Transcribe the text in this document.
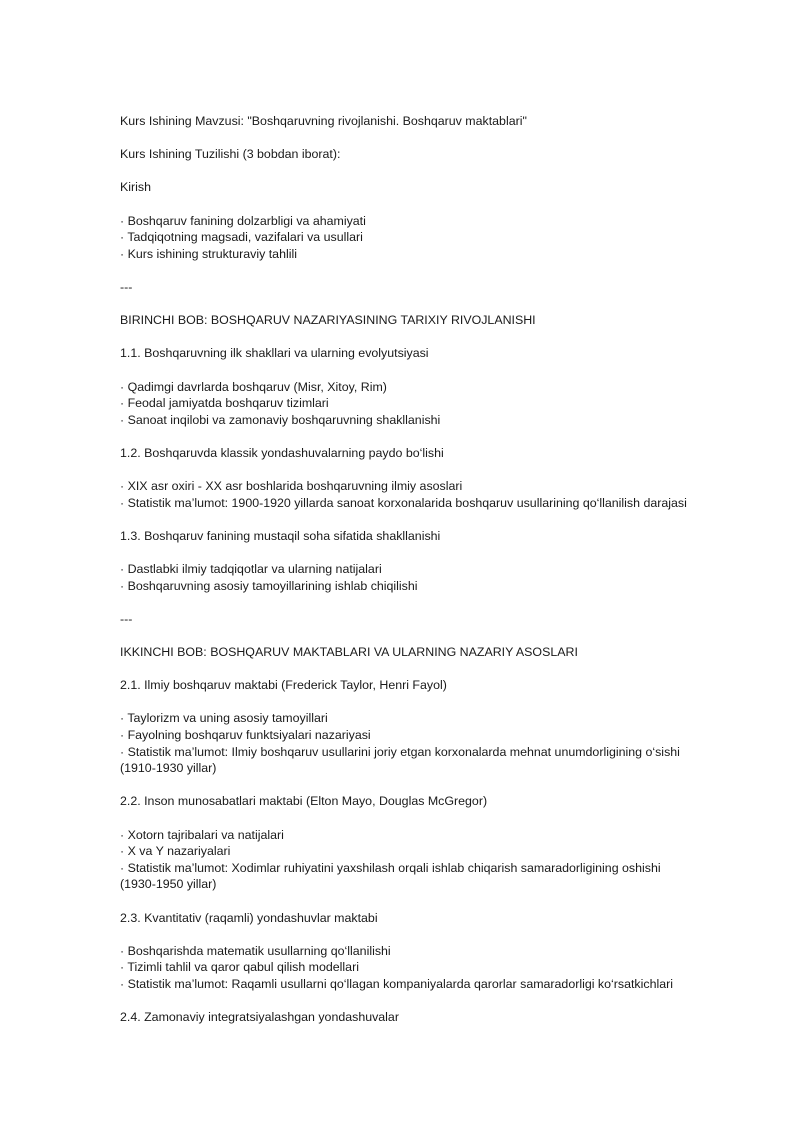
Kurs Ishining Mavzusi: "Boshqaruvning rivojlanishi. Boshqaruv maktablari"

Kurs Ishining Tuzilishi (3 bobdan iborat):

Kirish

· Boshqaruv fanining dolzarbligi va ahamiyati
· Tadqiqotning magsadi, vazifalari va usullari
· Kurs ishining strukturaviy tahlili

---

BIRINCHI BOB: BOSHQARUV NAZARIYASINING TARIXIY RIVOJLANISHI

1.1. Boshqaruvning ilk shakllari va ularning evolyutsiyasi

· Qadimgi davrlarda boshqaruv (Misr, Xitoy, Rim)
· Feodal jamiyatda boshqaruv tizimlari
· Sanoat inqilobi va zamonaviy boshqaruvning shakllanishi

1.2. Boshqaruvda klassik yondashuvalarning paydo bo‘lishi

· XIX asr oxiri - XX asr boshlarida boshqaruvning ilmiy asoslari
· Statistik ma’lumot: 1900-1920 yillarda sanoat korxonalarida boshqaruv usullarining qo‘llanilish darajasi

1.3. Boshqaruv fanining mustaqil soha sifatida shakllanishi

· Dastlabki ilmiy tadqiqotlar va ularning natijalari
· Boshqaruvning asosiy tamoyillarining ishlab chiqilishi

---

IKKINCHI BOB: BOSHQARUV MAKTABLARI VA ULARNING NAZARIY ASOSLARI

2.1. Ilmiy boshqaruv maktabi (Frederick Taylor, Henri Fayol)

· Taylorizm va uning asosiy tamoyillari
· Fayolning boshqaruv funktsiyalari nazariyasi
· Statistik ma’lumot: Ilmiy boshqaruv usullarini joriy etgan korxonalarda mehnat unumdorligining o‘sishi (1910-1930 yillar)

2.2. Inson munosabatlari maktabi (Elton Mayo, Douglas McGregor)

· Xotorn tajribalari va natijalari
· X va Y nazariyalari
· Statistik ma’lumot: Xodimlar ruhiyatini yaxshilash orqali ishlab chiqarish samaradorligining oshishi (1930-1950 yillar)

2.3. Kvantitativ (raqamli) yondashuvlar maktabi

· Boshqarishda matematik usullarning qo‘llanilishi
· Tizimli tahlil va qaror qabul qilish modellari
· Statistik ma’lumot: Raqamli usullarni qo‘llagan kompaniyalarda qarorlar samaradorligi ko‘rsatkichlari

2.4. Zamonaviy integratsiyalashgan yondashuvalar
